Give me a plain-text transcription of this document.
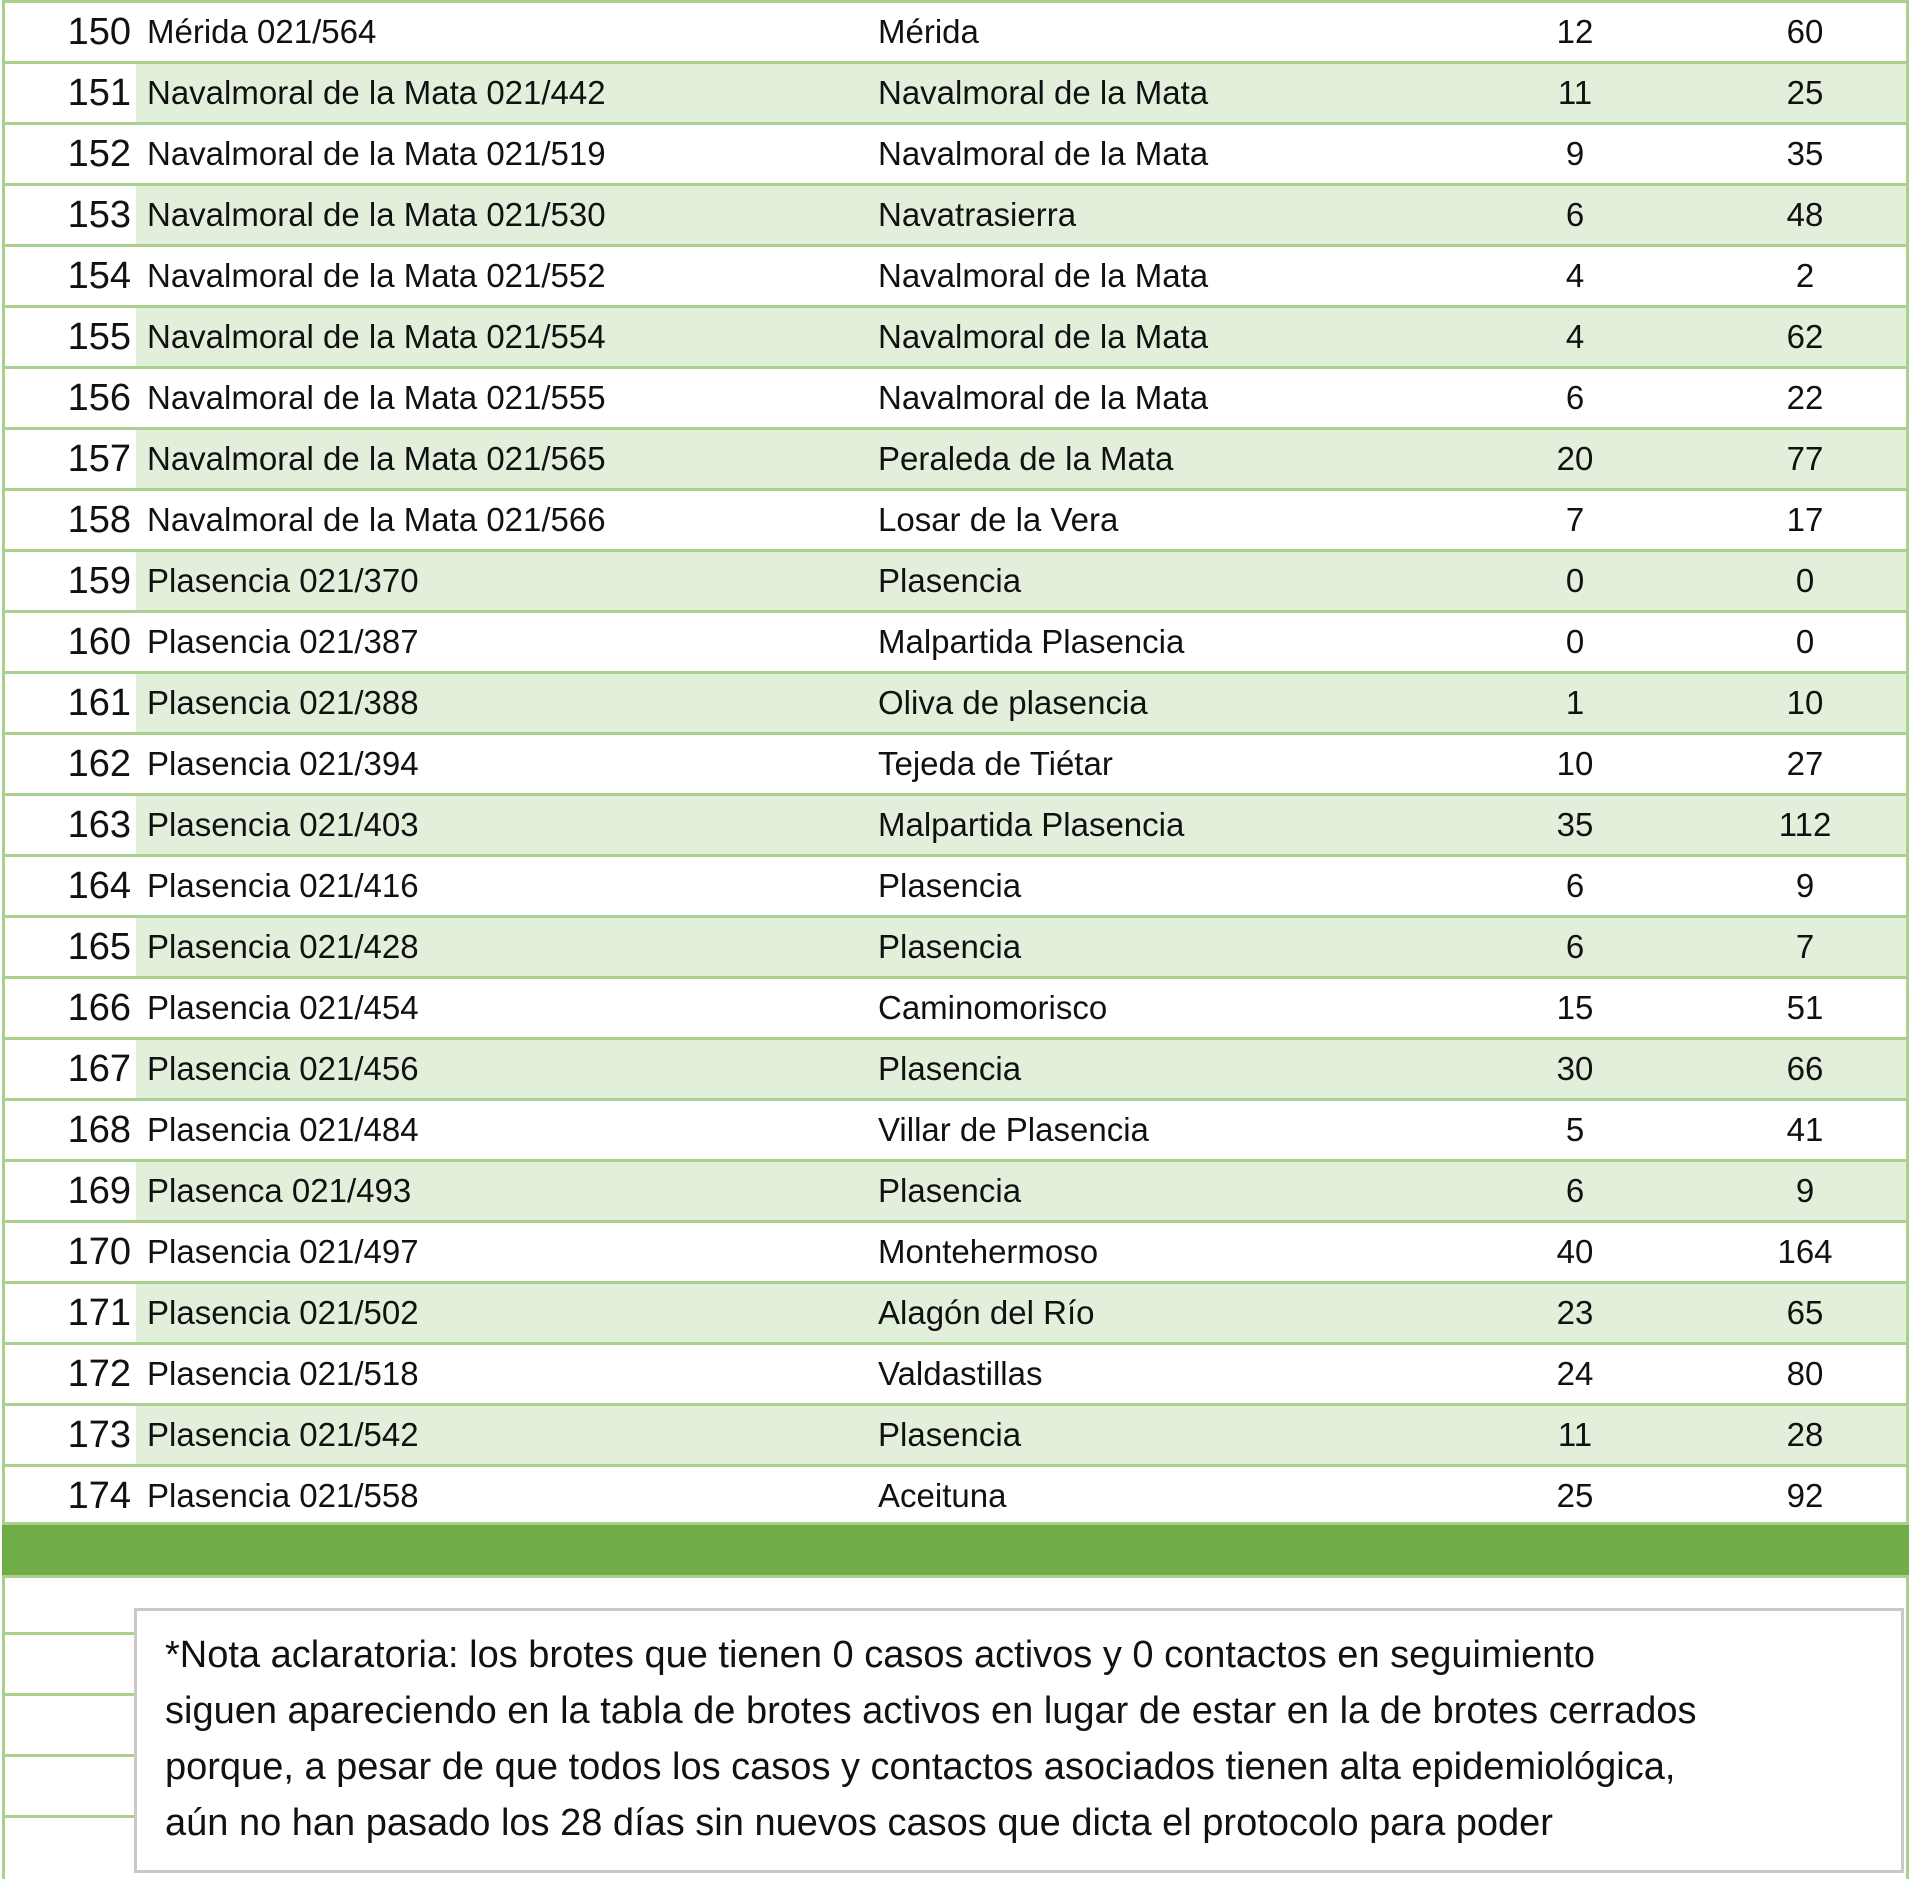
150 Mérida 021/564	Mérida	12	60
151 Navalmoral de la Mata 021/442	Navalmoral de la Mata	11	25
152 Navalmoral de la Mata 021/519	Navalmoral de la Mata	9	35
153 Navalmoral de la Mata 021/530	Navatrasierra	6	48
154 Navalmoral de la Mata 021/552	Navalmoral de la Mata	4	2
155 Navalmoral de la Mata 021/554	Navalmoral de la Mata	4	62
156 Navalmoral de la Mata 021/555	Navalmoral de la Mata	6	22
157 Navalmoral de la Mata 021/565	Peraleda de la Mata	20	77
158 Navalmoral de la Mata 021/566	Losar de la Vera	7	17
159 Plasencia 021/370	Plasencia	0	0
160 Plasencia 021/387	Malpartida Plasencia	0	0
161 Plasencia 021/388	Oliva de plasencia	1	10
162 Plasencia 021/394	Tejeda de Tiétar	10	27
163 Plasencia 021/403	Malpartida Plasencia	35	112
164 Plasencia 021/416	Plasencia	6	9
165 Plasencia 021/428	Plasencia	6	7
166 Plasencia 021/454	Caminomorisco	15	51
167 Plasencia 021/456	Plasencia	30	66
168 Plasencia 021/484	Villar de Plasencia	5	41
169 Plasenca 021/493	Plasencia	6	9
170 Plasencia 021/497	Montehermoso	40	164
171 Plasencia 021/502	Alagón del Río	23	65
172 Plasencia 021/518	Valdastillas	24	80
173 Plasencia 021/542	Plasencia	11	28
174 Plasencia 021/558	Aceituna	25	92
*Nota aclaratoria: los brotes que tienen 0 casos activos y 0 contactos en seguimiento
siguen apareciendo en la tabla de brotes activos en lugar de estar en la de brotes cerrados
porque, a pesar de que todos los casos y contactos asociados tienen alta epidemiológica,
aún no han pasado los 28 días sin nuevos casos que dicta el protocolo para poder
